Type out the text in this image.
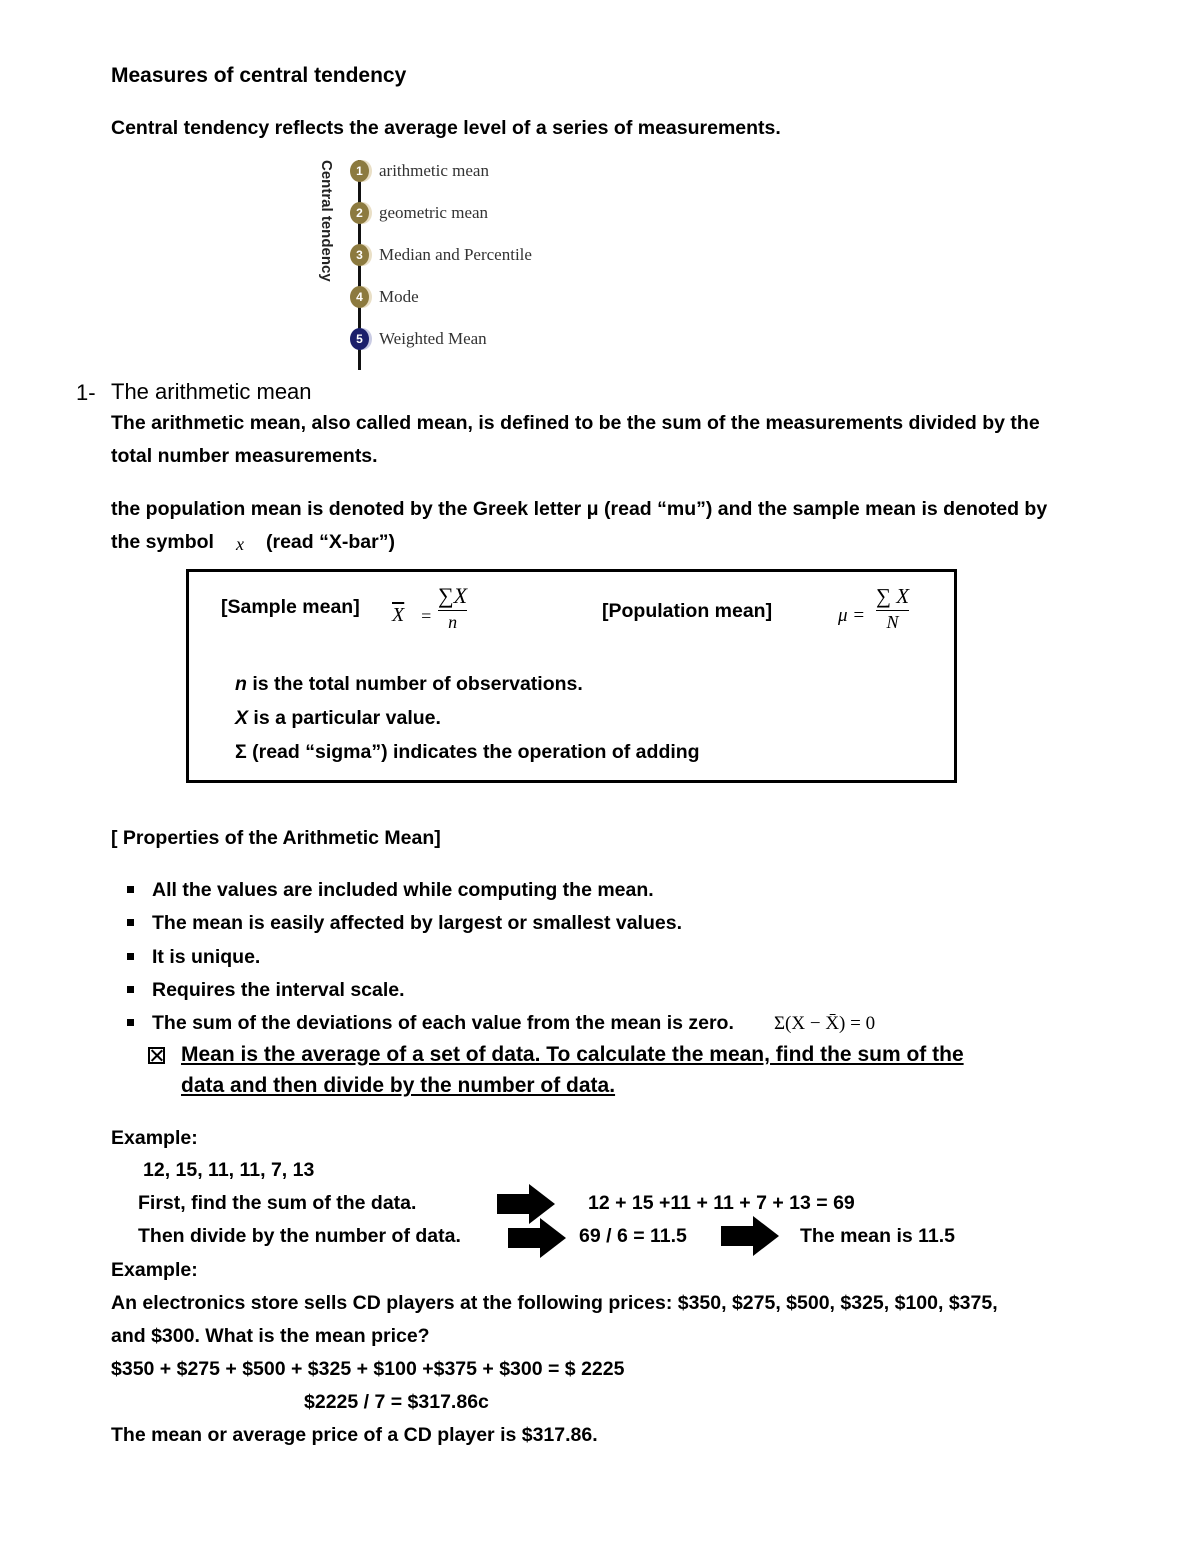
Measures of central tendency
Central tendency reflects the average level of a series of measurements.
Central tendency	1 arithmetic mean
2 geometric mean
3 Median and Percentile
4 Mode
5 Weighted Mean
1- The arithmetic mean
The arithmetic mean, also called mean, is defined to be the sum of the measurements divided by the
total number measurements.
the population mean is denoted by the Greek letter μ (read “mu”) and the sample mean is denoted by
the symbol x (read “X-bar”)
[Sample mean] $\overline{X}$ =
∑X
n	[Population mean]	μ =
∑ X
N
n is the total number of observations.
X is a particular value.
Σ (read “sigma”) indicates the operation of adding
[ Properties of the Arithmetic Mean]
All the values are included while computing the mean.
The mean is easily affected by largest or smallest values.
It is unique.
Requires the interval scale.
The sum of the deviations of each value from the mean is zero. Σ(X − X̄) = 0
Mean is the average of a set of data. To calculate the mean, find the sum of the
data and then divide by the number of data.
Example:
12, 15, 11, 11, 7, 13
First, find the sum of the data.	12 + 15 +11 + 11 + 7 + 13 = 69
Then divide by the number of data.	69 / 6 = 11.5	The mean is 11.5
Example:
An electronics store sells CD players at the following prices: $350, $275, $500, $325, $100, $375,
and $300. What is the mean price?
$350 + $275 + $500 + $325 + $100 +$375 + $300 = $ 2225
$2225 / 7 = $317.86c
The mean or average price of a CD player is $317.86.
